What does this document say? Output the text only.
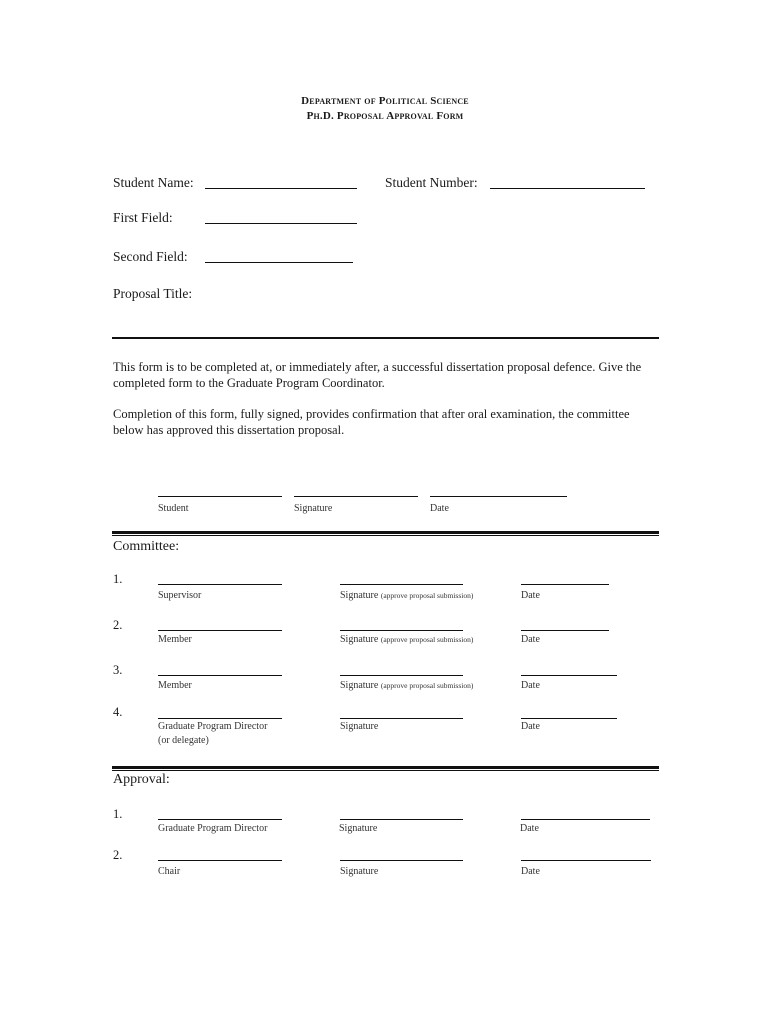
Department of Political Science
Ph.D. Proposal Approval Form
Student Name:	Student Number:
First Field:
Second Field:
Proposal Title:
This form is to be completed at, or immediately after, a successful dissertation proposal defence. Give the completed form to the Graduate Program Coordinator.
Completion of this form, fully signed, provides confirmation that after oral examination, the committee below has approved this dissertation proposal.
Student	Signature	Date
Committee:
1.
Supervisor	Signature (approve proposal submission)	Date
2.
Member	Signature (approve proposal submission)	Date
3.
Member	Signature (approve proposal submission)	Date
4.
Graduate Program Director
(or delegate)
Signature	Date
Approval:
1.
Graduate Program Director	Signature	Date
2.
Chair	Signature	Date
